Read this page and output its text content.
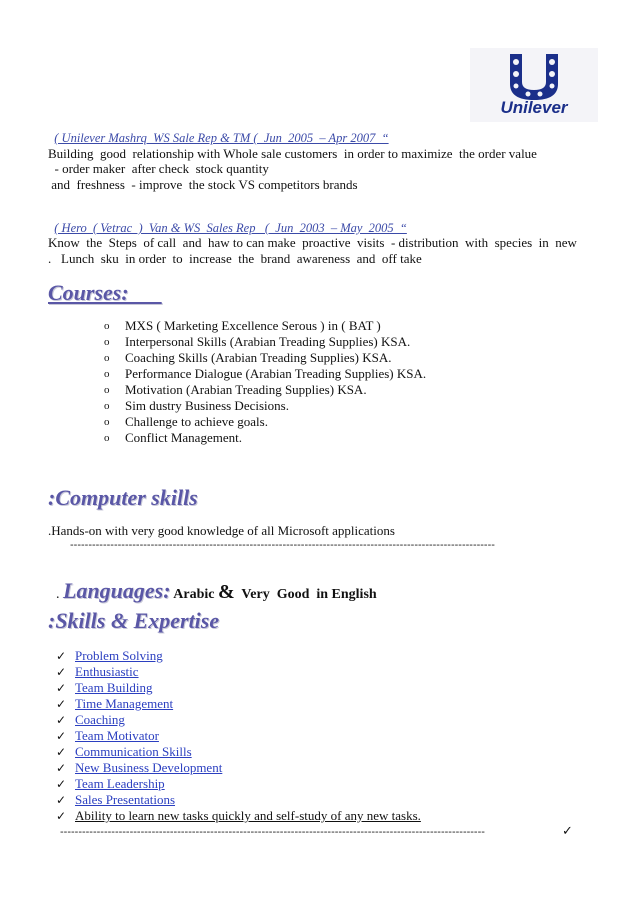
Unilever

( Unilever Mashrq  WS Sale Rep & TM (  Jun  2005  – Apr 2007  “

Building  good  relationship with Whole sale customers  in order to maximize  the order value
- order maker  after check  stock quantity
and  freshness  - improve  the stock VS competitors brands

( Hero  ( Vetrac  )  Van & WS  Sales Rep   (  Jun  2003  – May  2005  “

Know  the  Steps  of call  and  haw to can make  proactive  visits  - distribution  with  species  in  new
.   Lunch  sku  in order  to  increase  the  brand  awareness  and  off take
Courses:
o MXS ( Marketing Excellence Serous ) in ( BAT )
o Interpersonal Skills (Arabian Treading Supplies) KSA.
o Coaching Skills (Arabian Treading Supplies) KSA.
o Performance Dialogue (Arabian Treading Supplies) KSA.
o Motivation (Arabian Treading Supplies) KSA.
o Sim dustry Business Decisions.
o Challenge to achieve goals.
o Conflict Management.
:Computer skills
.Hands-on with very good knowledge of all Microsoft applications
--------------------------------------------------------------------------------------------------------------------

. Languages: Arabic &  Very  Good  in English

:Skills & Expertise
✓ Problem Solving
✓ Enthusiastic
✓ Team Building
✓ Time Management
✓ Coaching
✓ Team Motivator
✓ Communication Skills
✓ New Business Development
✓ Team Leadership
✓ Sales Presentations
✓ Ability to learn new tasks quickly and self-study of any new tasks.
--------------------------------------------------------------------------------------------------------------------	✓
